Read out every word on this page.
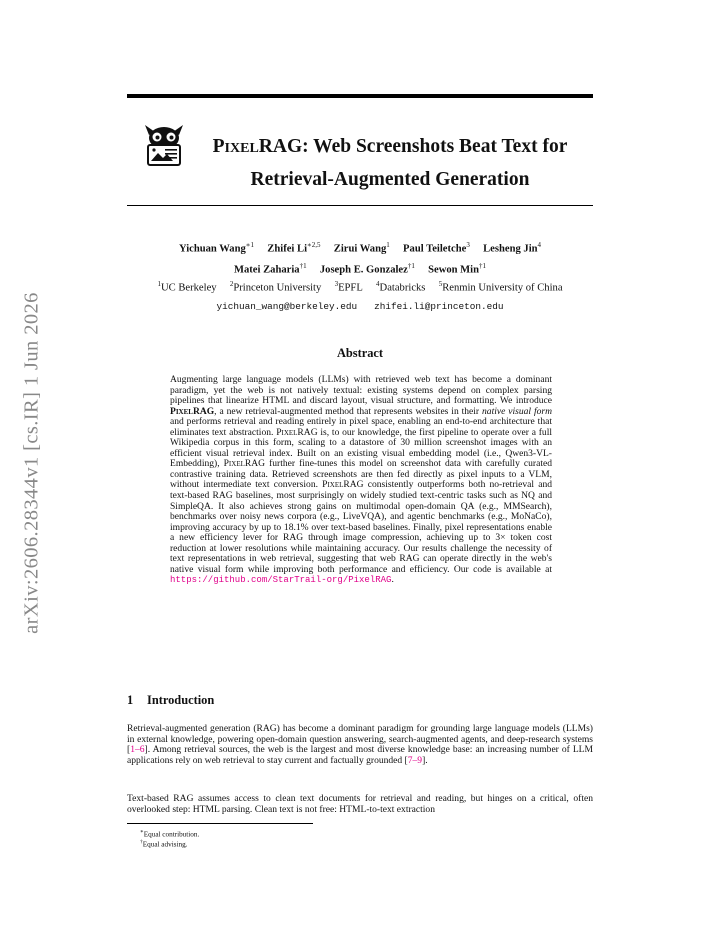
arXiv:2606.28344v1 [cs.IR] 1 Jun 2026
PixelRAG: Web Screenshots Beat Text for
Retrieval-Augmented Generation
Yichuan Wang$^{∗1}$ Zhifei $Li^{∗2,5}$ Zirui Wang$^1$ Paul Teiletche$^3$ Lesheng Jin$^4$
Matei Zaharia$^{\dagger 1}$ Joseph E. Gonzalez$^{\dagger 1}$ Sewon Min$^{\dagger 1}$
$^1$UC Berkeley $^2$Princeton University $^3$EPFL $^4$Databricks $^5$Renmin University of China
yichuan_wang@berkeley.edu zhifei.li@princeton.edu
Abstract
Augmenting large language models (LLMs) with retrieved web text has become a dominant paradigm, yet the web is not natively textual: existing systems depend on complex parsing pipelines that linearize HTML and discard layout, visual structure, and formatting. We introduce PixelRAG, a new retrieval-augmented method that represents websites in their native visual form and performs retrieval and reading entirely in pixel space, enabling an end-to-end architecture that eliminates text abstraction. PixelRAG is, to our knowledge, the first pipeline to operate over a full Wikipedia corpus in this form, scaling to a datastore of 30 million screenshot images with an efficient visual retrieval index. Built on an existing visual embedding model (i.e., Qwen3-VL-Embedding), PixelRAG further fine-tunes this model on screenshot data with carefully curated contrastive training data. Retrieved screenshots are then fed directly as pixel inputs to a VLM, without intermediate text conversion. PixelRAG consistently outperforms both no-retrieval and text-based RAG baselines, most surprisingly on widely studied text-centric tasks such as NQ and SimpleQA. It also achieves strong gains on multimodal open-domain QA (e.g., MMSearch), benchmarks over noisy news corpora (e.g., LiveVQA), and agentic benchmarks (e.g., MoNaCo), improving accuracy by up to 18.1% over text-based baselines. Finally, pixel representations enable a new efficiency lever for RAG through image compression, achieving up to 3× token cost reduction at lower resolutions while maintaining accuracy. Our results challenge the necessity of text representations in web retrieval, suggesting that web RAG can operate directly in the web's native visual form while improving both performance and efficiency. Our code is available at https://github.com/StarTrail-org/PixelRAG.
1 Introduction
Retrieval-augmented generation (RAG) has become a dominant paradigm for grounding large language models (LLMs) in external knowledge, powering open-domain question answering, search-augmented agents, and deep-research systems [1–6]. Among retrieval sources, the web is the largest and most diverse knowledge base: an increasing number of LLM applications rely on web retrieval to stay current and factually grounded [7–9].
Text-based RAG assumes access to clean text documents for retrieval and reading, but hinges on a critical, often overlooked step: HTML parsing. Clean text is not free: HTML-to-text extraction
∗Equal contribution.
†Equal advising.
